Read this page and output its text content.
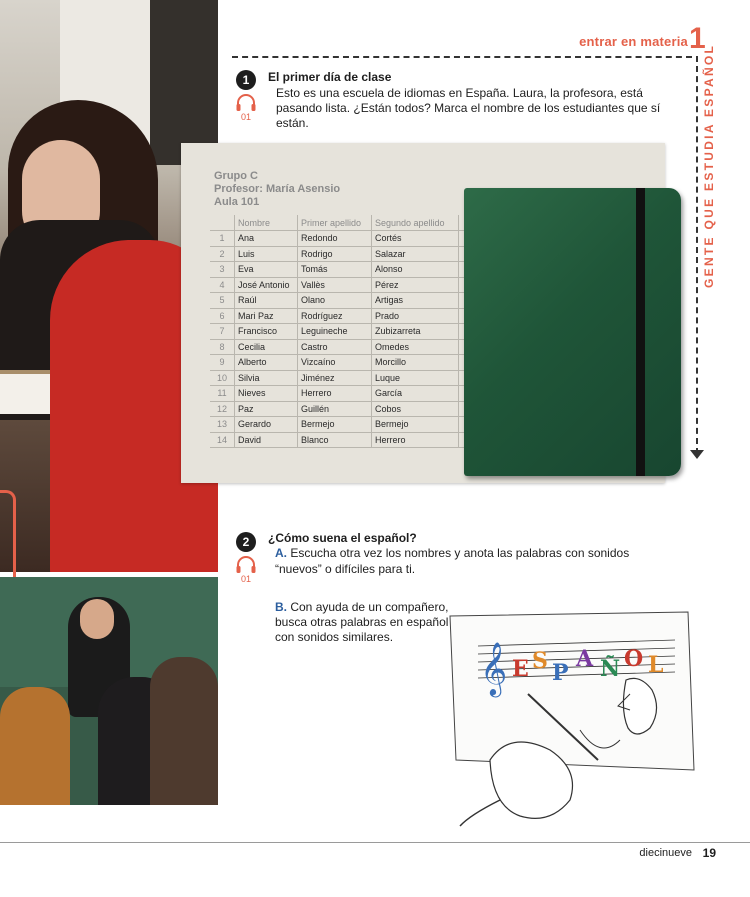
entrar en materia 1
GENTE QUE ESTUDIA ESPAÑOL
1
01
El primer día de clase
Esto es una escuela de idiomas en España. Laura, la profesora, está pasando lista. ¿Están todos? Marca el nombre de los estudiantes que sí están.
Grupo C
Profesor: María Asensio
Aula 101
	Nombre	Primer apellido	Segundo apellido	
1	Ana	Redondo	Cortés	
2	Luis	Rodrigo	Salazar	
3	Eva	Tomás	Alonso	
4	José Antonio	Vallès	Pérez	
5	Raúl	Olano	Artigas	
6	Mari Paz	Rodríguez	Prado	
7	Francisco	Leguineche	Zubizarreta	
8	Cecilia	Castro	Omedes	
9	Alberto	Vizcaíno	Morcillo	
10	Silvia	Jiménez	Luque	
11	Nieves	Herrero	García	
12	Paz	Guillén	Cobos	
13	Gerardo	Bermejo	Bermejo	
14	David	Blanco	Herrero	
2
01
¿Cómo suena el español?
A. Escucha otra vez los nombres y anota las palabras con sonidos “nuevos” o difíciles para ti.
B. Con ayuda de un compañero, busca otras palabras en español con sonidos similares.
𝄞 E S P
A Ñ O L
diecinueve 19
